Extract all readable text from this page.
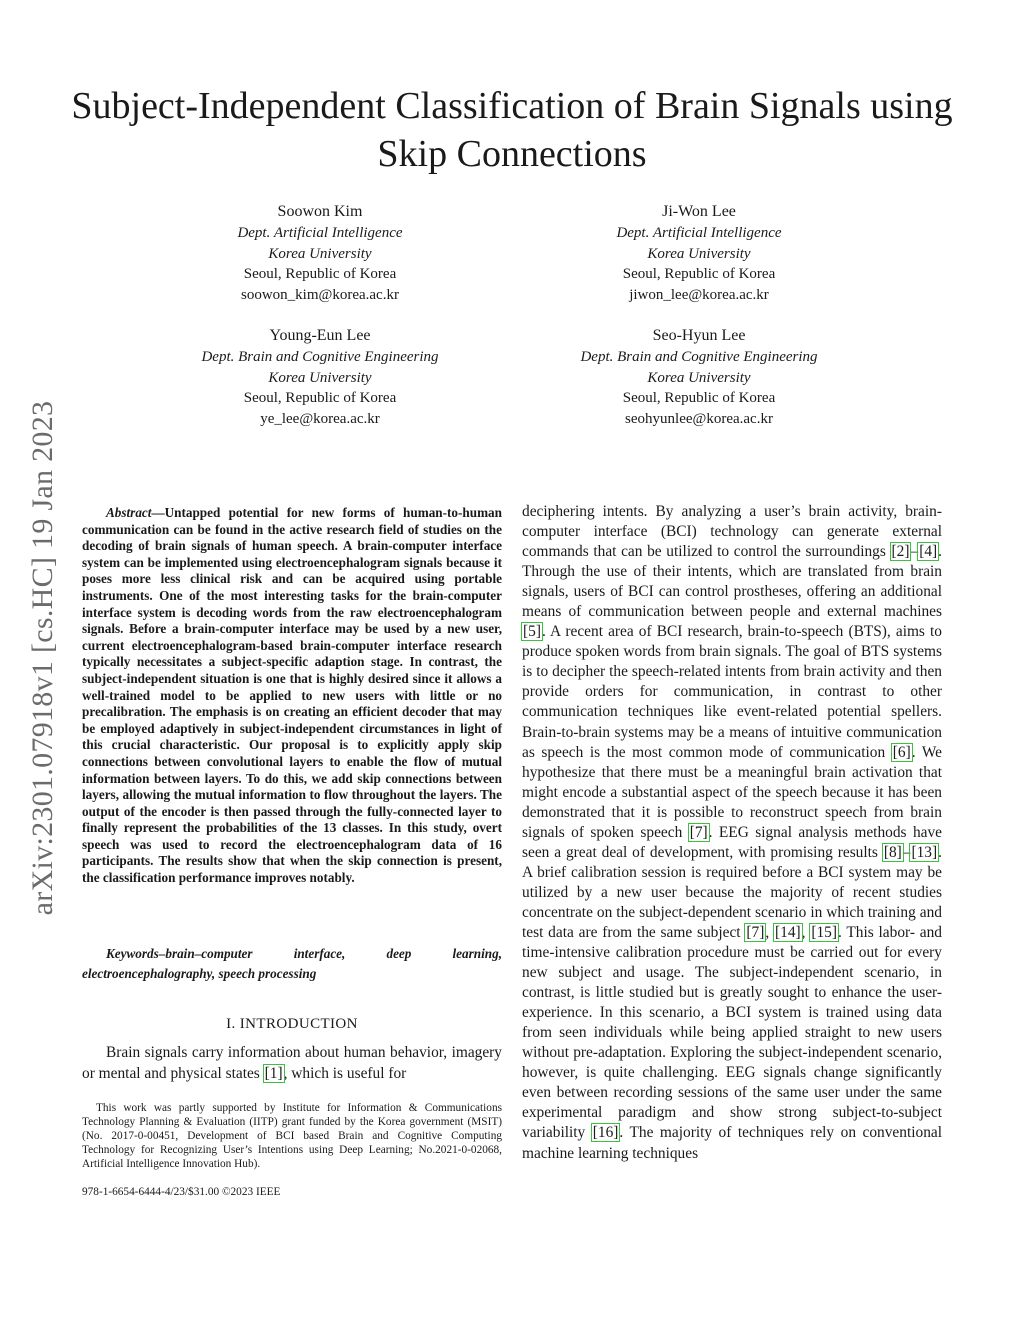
arXiv:2301.07918v1 [cs.HC] 19 Jan 2023
Subject-Independent Classification of Brain Signals using Skip Connections
Soowon Kim
Dept. Artificial Intelligence
Korea University
Seoul, Republic of Korea
soowon_kim@korea.ac.kr
Ji-Won Lee
Dept. Artificial Intelligence
Korea University
Seoul, Republic of Korea
jiwon_lee@korea.ac.kr
Young-Eun Lee
Dept. Brain and Cognitive Engineering
Korea University
Seoul, Republic of Korea
ye_lee@korea.ac.kr
Seo-Hyun Lee
Dept. Brain and Cognitive Engineering
Korea University
Seoul, Republic of Korea
seohyunlee@korea.ac.kr

Abstract—Untapped potential for new forms of human-to-human communication can be found in the active research field of studies on the decoding of brain signals of human speech. A brain-computer interface system can be implemented using electroencephalogram signals because it poses more less clinical risk and can be acquired using portable instruments. One of the most interesting tasks for the brain-computer interface system is decoding words from the raw electroencephalogram signals. Before a brain-computer interface may be used by a new user, current electroencephalogram-based brain-computer interface research typically necessitates a subject-specific adaption stage. In contrast, the subject-independent situation is one that is highly desired since it allows a well-trained model to be applied to new users with little or no precalibration. The emphasis is on creating an efficient decoder that may be employed adaptively in subject-independent circumstances in light of this crucial characteristic. Our proposal is to explicitly apply skip connections between convolutional layers to enable the flow of mutual information between layers. To do this, we add skip connections between layers, allowing the mutual information to flow throughout the layers. The output of the encoder is then passed through the fully-connected layer to finally represent the probabilities of the 13 classes. In this study, overt speech was used to record the electroencephalogram data of 16 participants. The results show that when the skip connection is present, the classification performance improves notably.

Keywords–brain–computer interface, deep learning, electroencephalography, speech processing

I. INTRODUCTION

Brain signals carry information about human behavior, imagery or mental and physical states [1], which is useful for

This work was partly supported by Institute for Information & Communications Technology Planning & Evaluation (IITP) grant funded by the Korea government (MSIT) (No. 2017-0-00451, Development of BCI based Brain and Cognitive Computing Technology for Recognizing User’s Intentions using Deep Learning; No.2021-0-02068, Artificial Intelligence Innovation Hub).

978-1-6654-6444-4/23/$31.00 ©2023 IEEE

deciphering intents. By analyzing a user’s brain activity, brain-computer interface (BCI) technology can generate external commands that can be utilized to control the surroundings [2]–[4]. Through the use of their intents, which are translated from brain signals, users of BCI can control prostheses, offering an additional means of communication between people and external machines [5]. A recent area of BCI research, brain-to-speech (BTS), aims to produce spoken words from brain signals. The goal of BTS systems is to decipher the speech-related intents from brain activity and then provide orders for communication, in contrast to other communication techniques like event-related potential spellers. Brain-to-brain systems may be a means of intuitive communication as speech is the most common mode of communication [6]. We hypothesize that there must be a meaningful brain activation that might encode a substantial aspect of the speech because it has been demonstrated that it is possible to reconstruct speech from brain signals of spoken speech [7]. EEG signal analysis methods have seen a great deal of development, with promising results [8]–[13]. A brief calibration session is required before a BCI system may be utilized by a new user because the majority of recent studies concentrate on the subject-dependent scenario in which training and test data are from the same subject [7], [14], [15]. This labor- and time-intensive calibration procedure must be carried out for every new subject and usage. The subject-independent scenario, in contrast, is little studied but is greatly sought to enhance the user-experience. In this scenario, a BCI system is trained using data from seen individuals while being applied straight to new users without pre-adaptation. Exploring the subject-independent scenario, however, is quite challenging. EEG signals change significantly even between recording sessions of the same user under the same experimental paradigm and show strong subject-to-subject variability [16]. The majority of techniques rely on conventional machine learning techniques
